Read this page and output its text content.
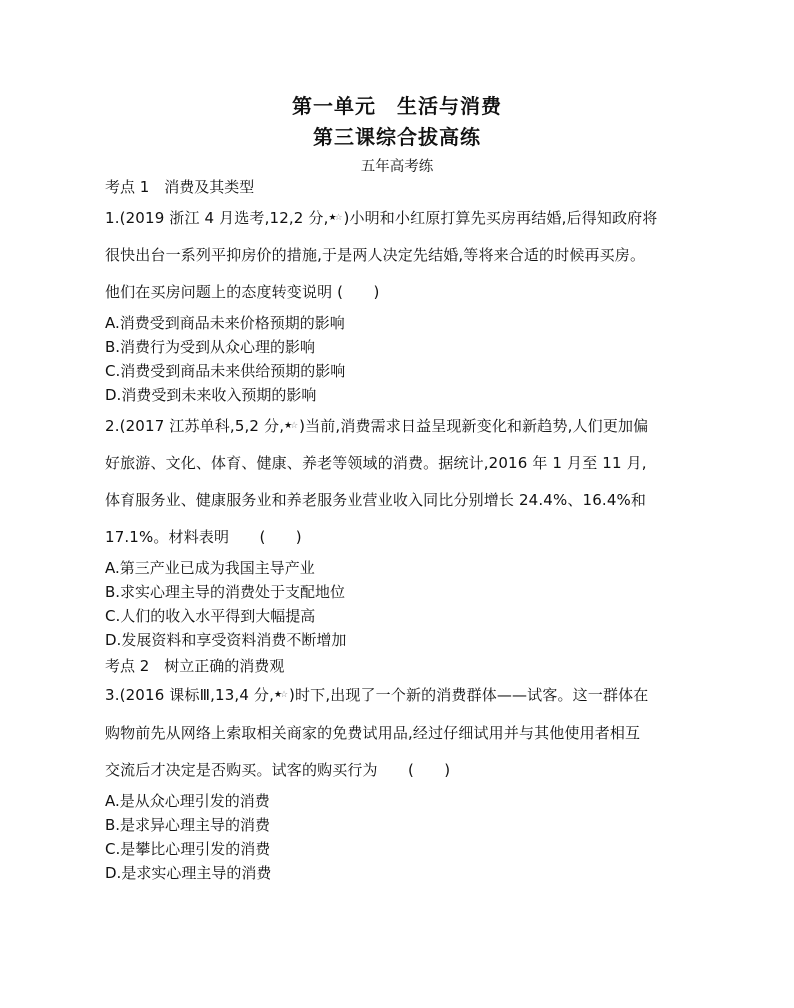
第一单元　生活与消费
第三课综合拔高练
五年高考练
考点 1　消费及其类型
1.(2019 浙江 4 月选考,12,2 分, ★ ☆ )小明和小红原打算先买房再结婚,后得知政府将
很快出台一系列平抑房价的措施,于是两人决定先结婚,等将来合适的时候再买房。
他们在买房问题上的态度转变说明 (　　)
A.消费受到商品未来价格预期的影响
B.消费行为受到从众心理的影响
C.消费受到商品未来供给预期的影响
D.消费受到未来收入预期的影响
2.(2017 江苏单科,5,2 分, ★ ☆ )当前,消费需求日益呈现新变化和新趋势,人们更加偏
好旅游、文化、体育、健康、养老等领域的消费。据统计,2016 年 1 月至 11 月,
体育服务业、健康服务业和养老服务业营业收入同比分别增长 24.4%、16.4%和
17.1%。材料表明　　(　　)
A.第三产业已成为我国主导产业
B.求实心理主导的消费处于支配地位
C.人们的收入水平得到大幅提高
D.发展资料和享受资料消费不断增加
考点 2　树立正确的消费观
3.(2016 课标Ⅲ,13,4 分, ★ ☆ )时下,出现了一个新的消费群体——试客。这一群体在
购物前先从网络上索取相关商家的免费试用品,经过仔细试用并与其他使用者相互
交流后才决定是否购买。试客的购买行为　　(　　)
A.是从众心理引发的消费
B.是求异心理主导的消费
C.是攀比心理引发的消费
D.是求实心理主导的消费
